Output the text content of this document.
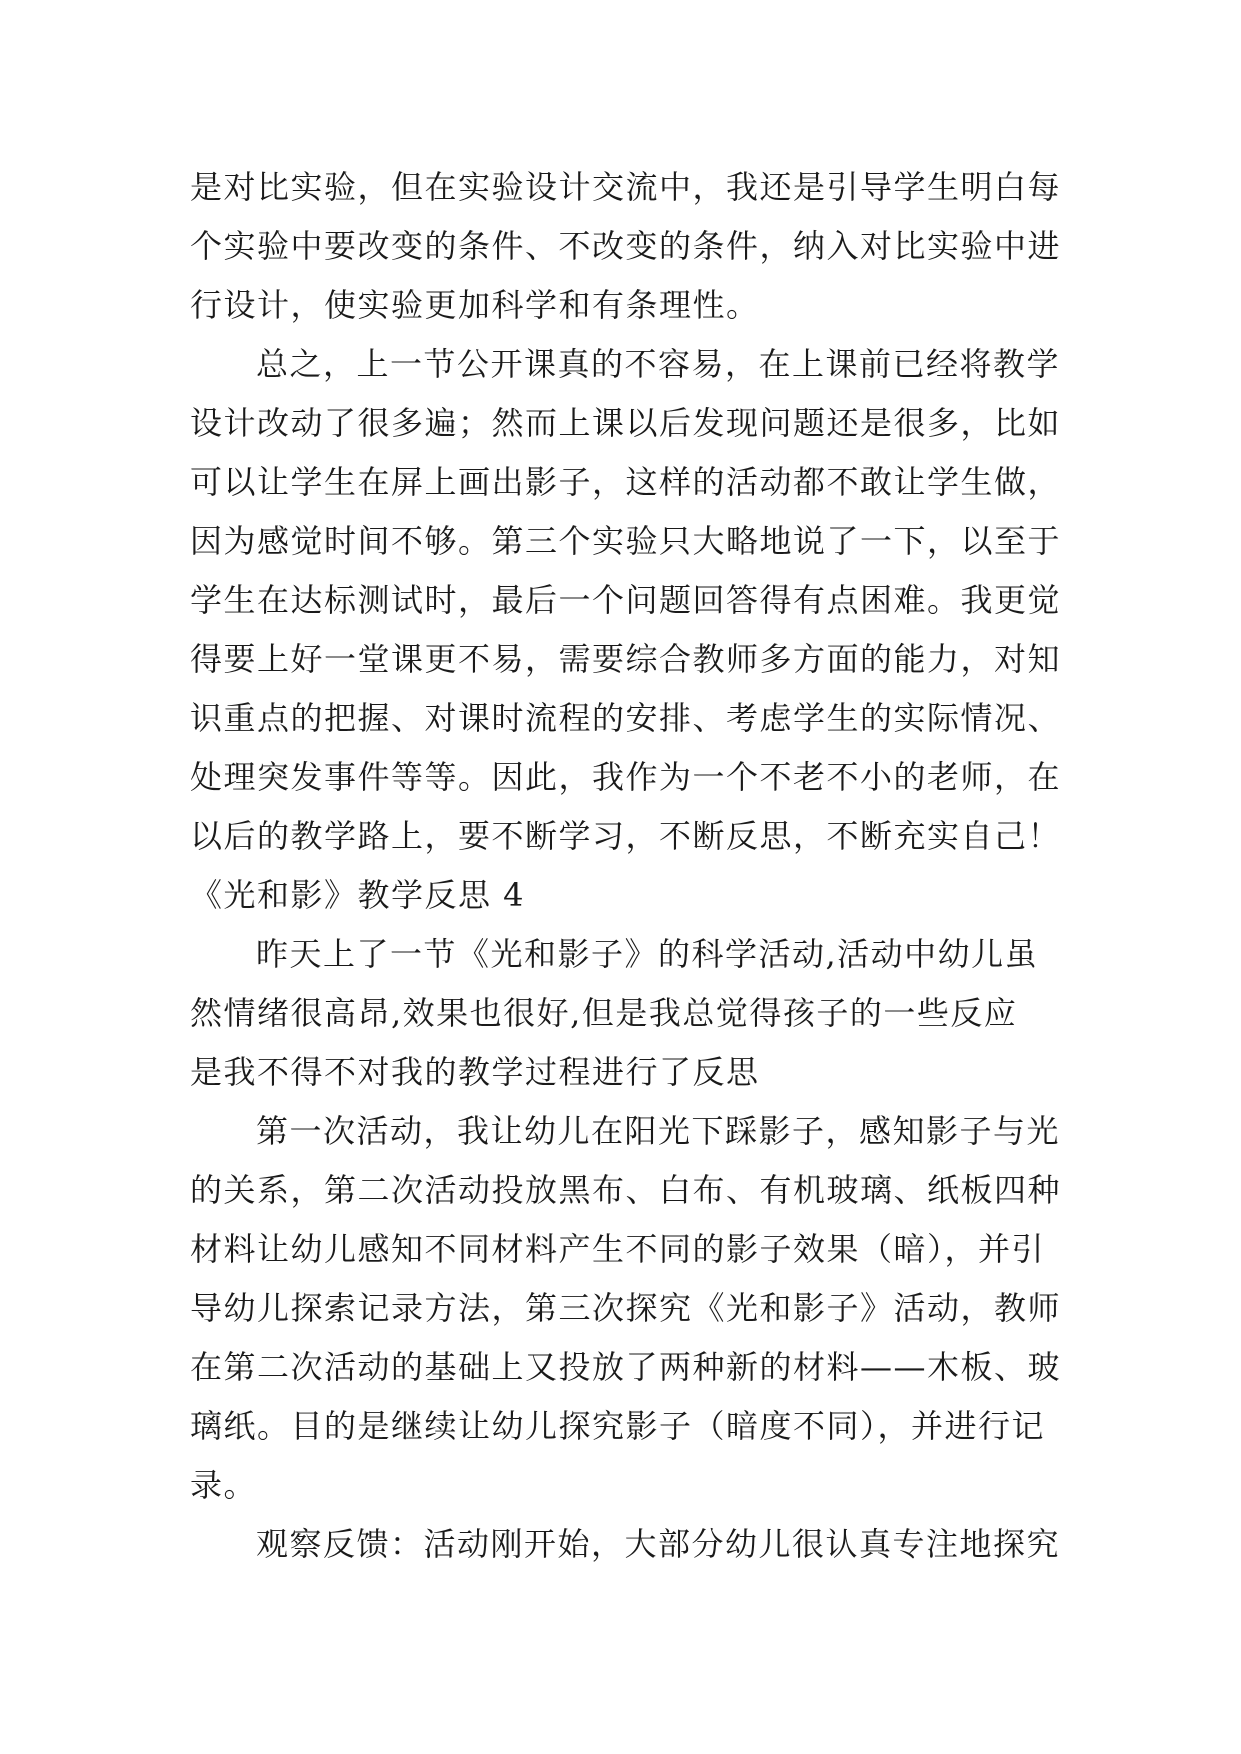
是对比实验，但在实验设计交流中，我还是引导学生明白每
个实验中要改变的条件、不改变的条件，纳入对比实验中进
行设计，使实验更加科学和有条理性。
总之，上一节公开课真的不容易，在上课前已经将教学
设计改动了很多遍；然而上课以后发现问题还是很多，比如
可以让学生在屏上画出影子，这样的活动都不敢让学生做，
因为感觉时间不够。第三个实验只大略地说了一下，以至于
学生在达标测试时，最后一个问题回答得有点困难。我更觉
得要上好一堂课更不易，需要综合教师多方面的能力，对知
识重点的把握、对课时流程的安排、考虑学生的实际情况、
处理突发事件等等。因此，我作为一个不老不小的老师，在
以后的教学路上，要不断学习，不断反思，不断充实自己！
《光和影》教学反思 4
昨天上了一节《光和影子》的科学活动,活动中幼儿虽
然情绪很高昂,效果也很好,但是我总觉得孩子的一些反应
是我不得不对我的教学过程进行了反思
第一次活动，我让幼儿在阳光下踩影子，感知影子与光
的关系，第二次活动投放黑布、白布、有机玻璃、纸板四种
材料让幼儿感知不同材料产生不同的影子效果（暗），并引
导幼儿探索记录方法，第三次探究《光和影子》活动，教师
在第二次活动的基础上又投放了两种新的材料——木板、玻
璃纸。目的是继续让幼儿探究影子（暗度不同），并进行记
录。
观察反馈：活动刚开始，大部分幼儿很认真专注地探究
